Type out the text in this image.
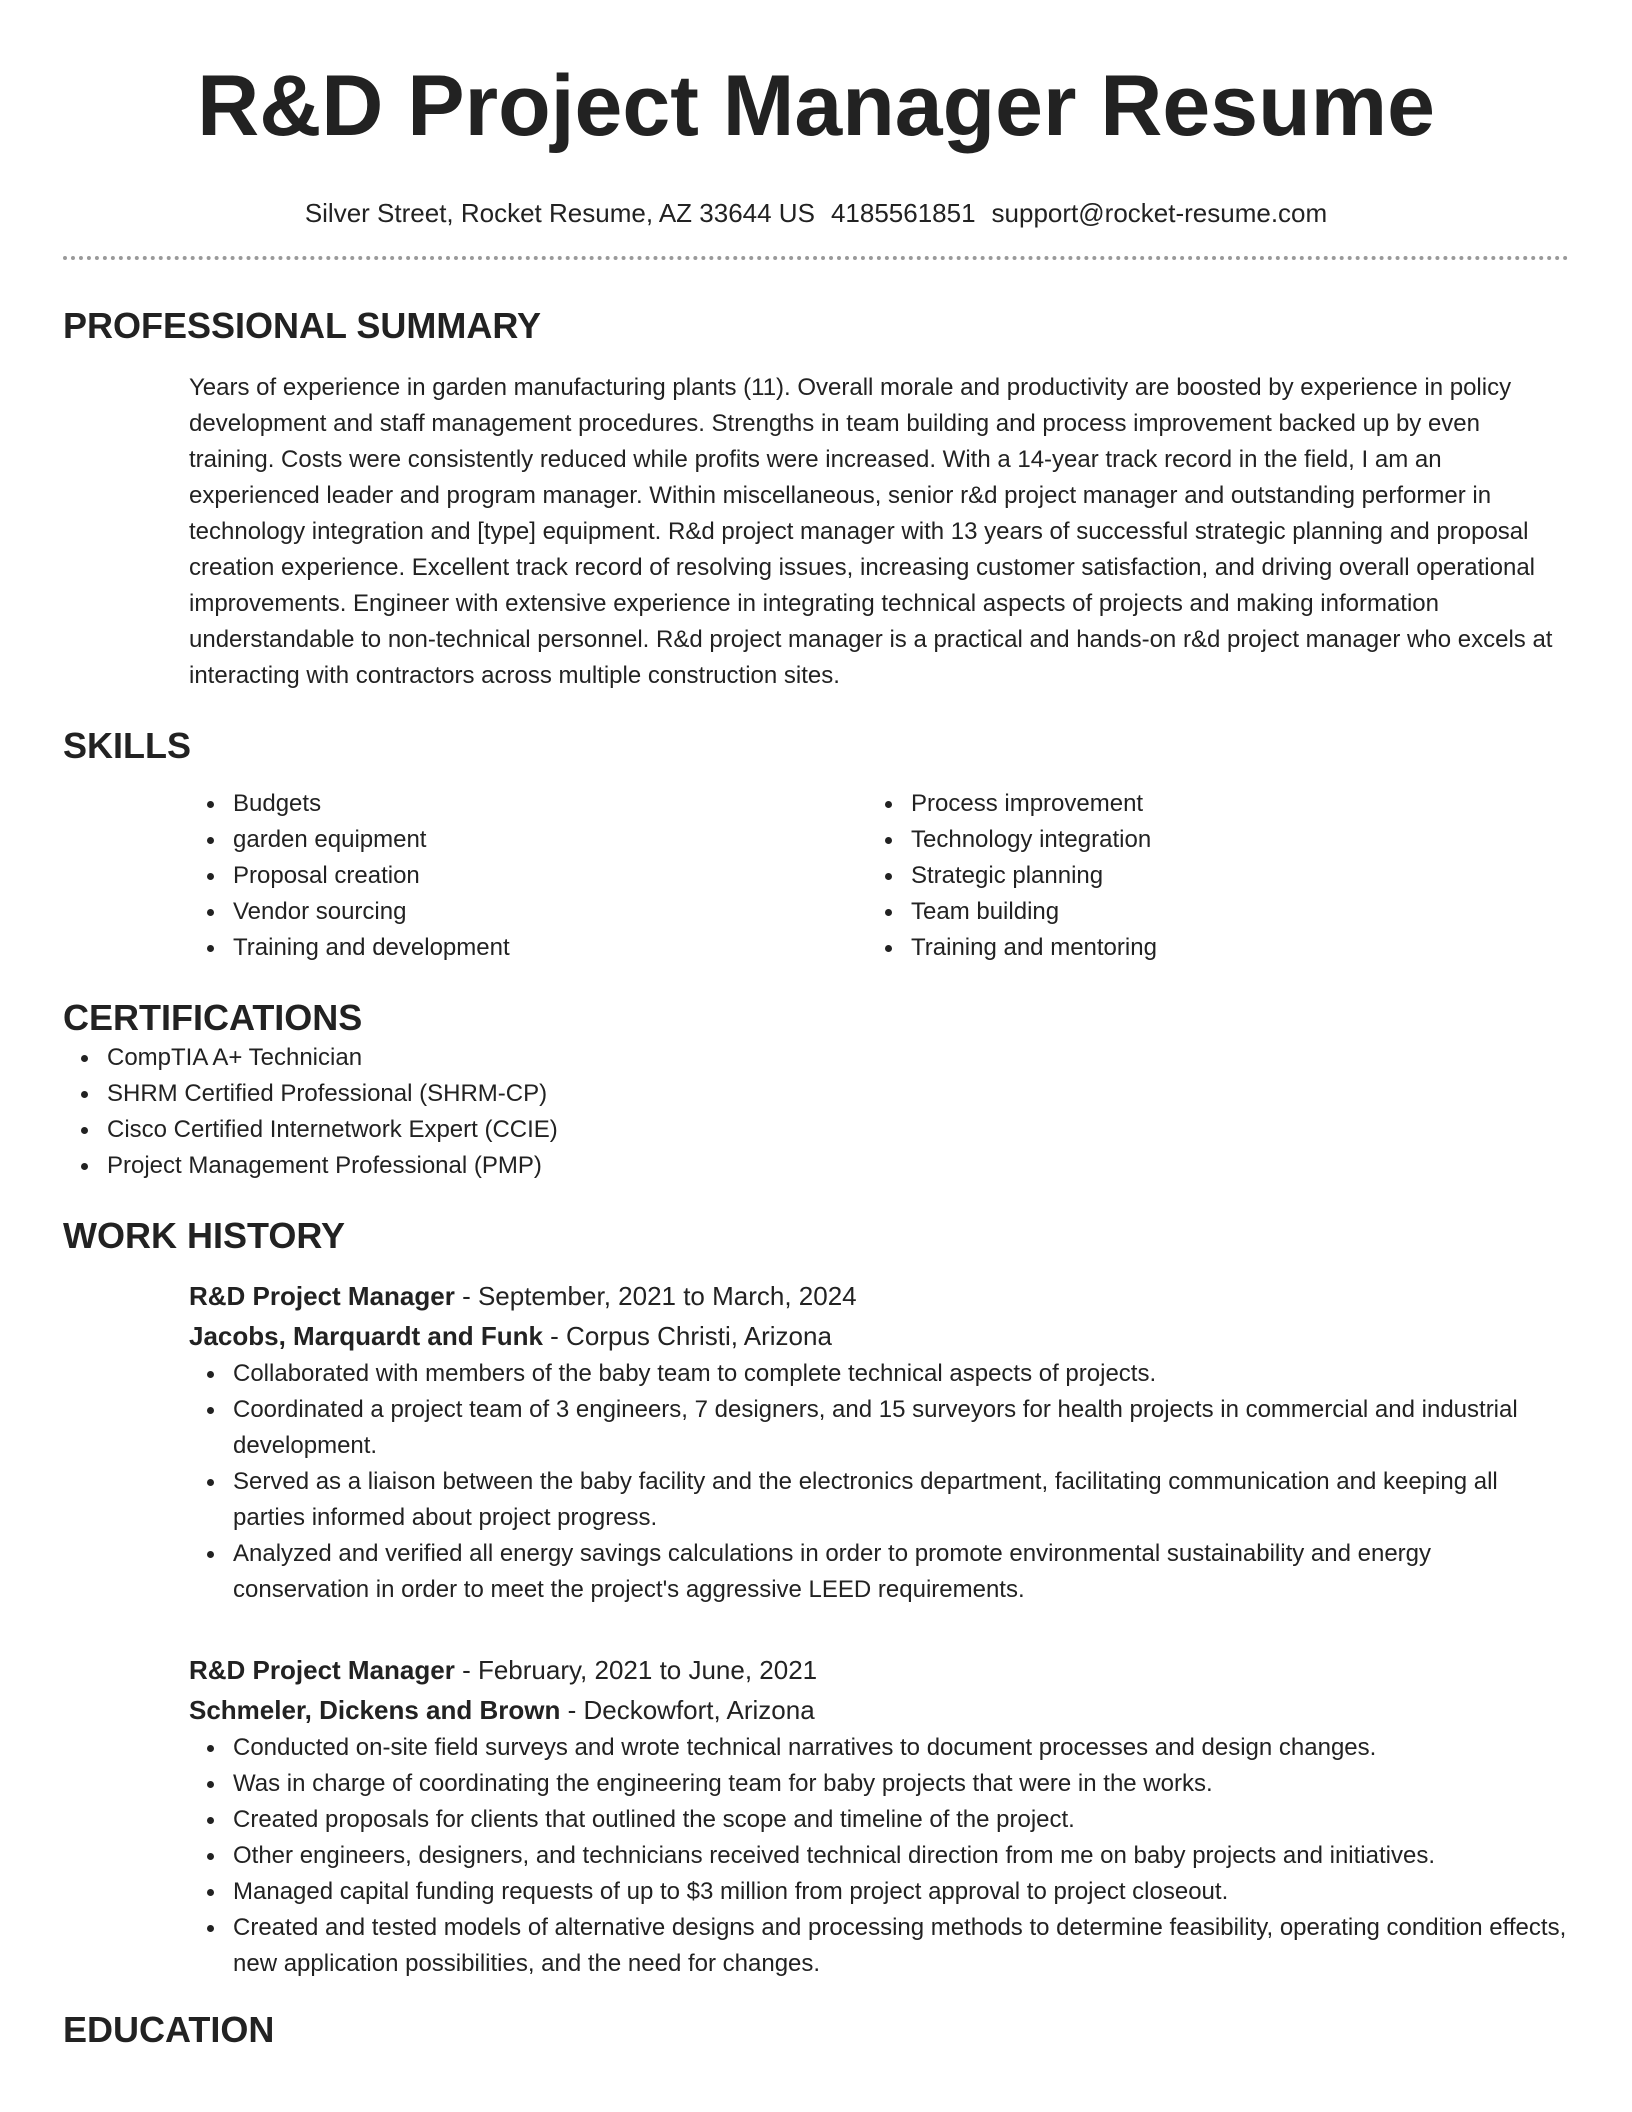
R&D Project Manager Resume
Silver Street, Rocket Resume, AZ 33644 US 4185561851 support@rocket-resume.com
PROFESSIONAL SUMMARY

Years of experience in garden manufacturing plants (11). Overall morale and productivity are boosted by experience in policy development and staff management procedures. Strengths in team building and process improvement backed up by even training. Costs were consistently reduced while profits were increased. With a 14-year track record in the field, I am an experienced leader and program manager. Within miscellaneous, senior r&d project manager and outstanding performer in technology integration and [type] equipment. R&d project manager with 13 years of successful strategic planning and proposal creation experience. Excellent track record of resolving issues, increasing customer satisfaction, and driving overall operational improvements. Engineer with extensive experience in integrating technical aspects of projects and making information understandable to non-technical personnel. R&d project manager is a practical and hands-on r&d project manager who excels at interacting with contractors across multiple construction sites.

SKILLS
Budgets
garden equipment
Proposal creation
Vendor sourcing
Training and development
Process improvement
Technology integration
Strategic planning
Team building
Training and mentoring
CERTIFICATIONS
CompTIA A+ Technician
SHRM Certified Professional (SHRM-CP)
Cisco Certified Internetwork Expert (CCIE)
Project Management Professional (PMP)
WORK HISTORY
R&D Project Manager - September, 2021 to March, 2024
Jacobs, Marquardt and Funk - Corpus Christi, Arizona
Collaborated with members of the baby team to complete technical aspects of projects.
Coordinated a project team of 3 engineers, 7 designers, and 15 surveyors for health projects in commercial and industrial development.
Served as a liaison between the baby facility and the electronics department, facilitating communication and keeping all parties informed about project progress.
Analyzed and verified all energy savings calculations in order to promote environmental sustainability and energy conservation in order to meet the project's aggressive LEED requirements.
R&D Project Manager - February, 2021 to June, 2021
Schmeler, Dickens and Brown - Deckowfort, Arizona
Conducted on-site field surveys and wrote technical narratives to document processes and design changes.
Was in charge of coordinating the engineering team for baby projects that were in the works.
Created proposals for clients that outlined the scope and timeline of the project.
Other engineers, designers, and technicians received technical direction from me on baby projects and initiatives.
Managed capital funding requests of up to $3 million from project approval to project closeout.
Created and tested models of alternative designs and processing methods to determine feasibility, operating condition effects, new application possibilities, and the need for changes.
EDUCATION
